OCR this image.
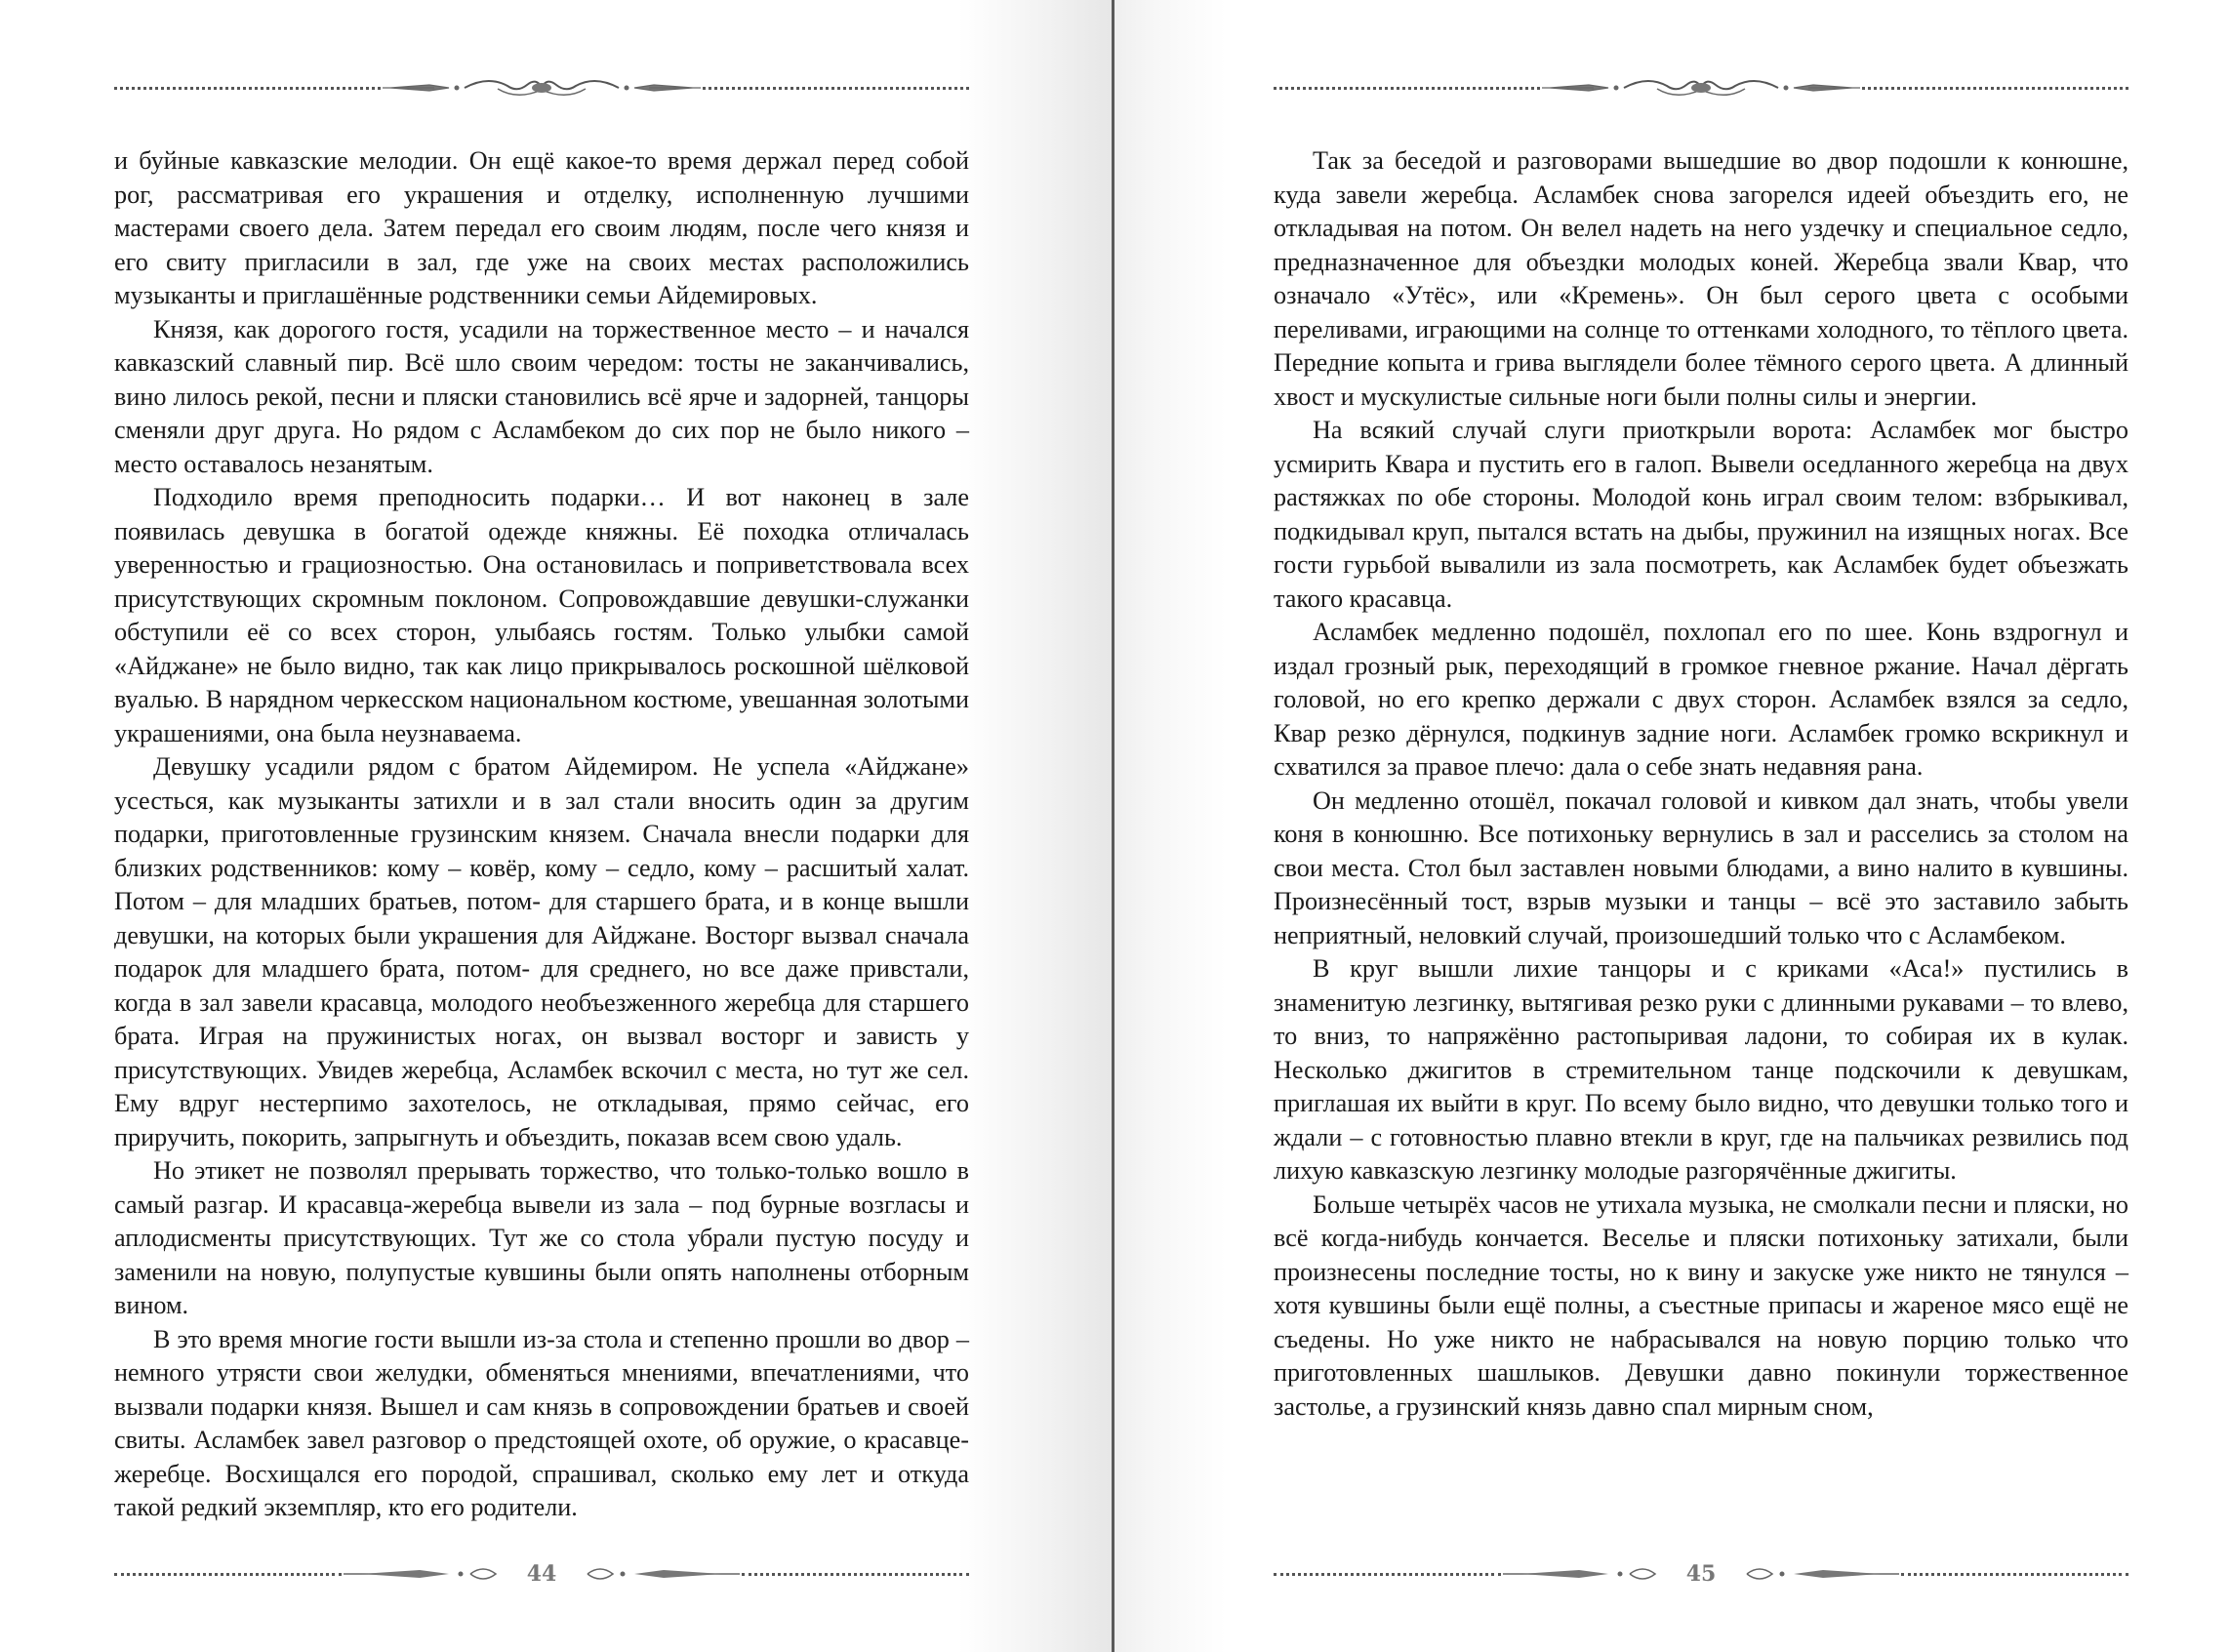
и буйные кавказские мелодии. Он ещё какое-то время держал перед собой рог, рассматривая его украшения и отделку, исполненную лучшими мастерами своего дела. Затем передал его своим людям, после чего князя и его свиту пригласили в зал, где уже на своих местах расположились музыканты и приглашённые родственники семьи Айдемировых.

Князя, как дорогого гостя, усадили на торжественное место – и начался кавказский славный пир. Всё шло своим чередом: тосты не заканчивались, вино лилось рекой, песни и пляски становились всё ярче и задорней, танцоры сменяли друг друга. Но рядом с Асламбеком до сих пор не было никого – место оставалось незанятым.

Подходило время преподносить подарки… И вот наконец в зале появилась девушка в богатой одежде княжны. Её походка отличалась уверенностью и грациозностью. Она остановилась и поприветствовала всех присутствующих скромным поклоном. Сопровождавшие девушки-служанки обступили её со всех сторон, улыбаясь гостям. Только улыбки самой «Айджане» не было видно, так как лицо прикрывалось роскошной шёлковой вуалью. В нарядном черкесском национальном костюме, увешанная золотыми украшениями, она была неузнаваема.

Девушку усадили рядом с братом Айдемиром. Не успела «Айджане» усесться, как музыканты затихли и в зал стали вносить один за другим подарки, приготовленные грузинским князем. Сначала внесли подарки для близких родственников: кому – ковёр, кому – седло, кому – расшитый халат. Потом – для младших братьев, потом- для старшего брата, и в конце вышли девушки, на которых были украшения для Айджане. Восторг вызвал сначала подарок для младшего брата, потом- для среднего, но все даже привстали, когда в зал завели красавца, молодого необъезженного жеребца для старшего брата. Играя на пружинистых ногах, он вызвал восторг и зависть у присутствующих. Увидев жеребца, Асламбек вскочил с места, но тут же сел. Ему вдруг нестерпимо захотелось, не откладывая, прямо сейчас, его приручить, покорить, запрыгнуть и объездить, показав всем свою удаль.

Но этикет не позволял прерывать торжество, что только-только вошло в самый разгар. И красавца-жеребца вывели из зала – под бурные возгласы и аплодисменты присутствующих. Тут же со стола убрали пустую посуду и заменили на новую, полупустые кувшины были опять наполнены отборным вином.

В это время многие гости вышли из-за стола и степенно прошли во двор – немного утрясти свои желудки, обменяться мнениями, впечатлениями, что вызвали подарки князя. Вышел и сам князь в сопровождении братьев и своей свиты. Асламбек завел разговор о предстоящей охоте, об оружие, о красавце-жеребце. Восхищался его породой, спрашивал, сколько ему лет и откуда такой редкий экземпляр, кто его родители.

44

Так за беседой и разговорами вышедшие во двор подошли к конюшне, куда завели жеребца. Асламбек снова загорелся идеей объездить его, не откладывая на потом. Он велел надеть на него уздечку и специальное седло, предназначенное для объездки молодых коней. Жеребца звали Квар, что означало «Утёс», или «Кремень». Он был серого цвета с особыми переливами, играющими на солнце то оттенками холодного, то тёплого цвета. Передние копыта и грива выглядели более тёмного серого цвета. А длинный хвост и мускулистые сильные ноги были полны силы и энергии.

На всякий случай слуги приоткрыли ворота: Асламбек мог быстро усмирить Квара и пустить его в галоп. Вывели оседланного жеребца на двух растяжках по обе стороны. Молодой конь играл своим телом: взбрыкивал, подкидывал круп, пытался встать на дыбы, пружинил на изящных ногах. Все гости гурьбой вывалили из зала посмотреть, как Асламбек будет объезжать такого красавца.

Асламбек медленно подошёл, похлопал его по шее. Конь вздрогнул и издал грозный рык, переходящий в громкое гневное ржание. Начал дёргать головой, но его крепко держали с двух сторон. Асламбек взялся за седло, Квар резко дёрнулся, подкинув задние ноги. Асламбек громко вскрикнул и схватился за правое плечо: дала о себе знать недавняя рана.

Он медленно отошёл, покачал головой и кивком дал знать, чтобы увели коня в конюшню. Все потихоньку вернулись в зал и расселись за столом на свои места. Стол был заставлен новыми блюдами, а вино налито в кувшины. Произнесённый тост, взрыв музыки и танцы – всё это заставило забыть неприятный, неловкий случай, произошедший только что с Асламбеком.

В круг вышли лихие танцоры и с криками «Аса!» пустились в знаменитую лезгинку, вытягивая резко руки с длинными рукавами – то влево, то вниз, то напряжённо растопыривая ладони, то собирая их в кулак. Несколько джигитов в стремительном танце подскочили к девушкам, приглашая их выйти в круг. По всему было видно, что девушки только того и ждали – с готовностью плавно втекли в круг, где на пальчиках резвились под лихую кавказскую лезгинку молодые разгорячённые джигиты.

Больше четырёх часов не утихала музыка, не смолкали песни и пляски, но всё когда-нибудь кончается. Веселье и пляски потихоньку затихали, были произнесены последние тосты, но к вину и закуске уже никто не тянулся – хотя кувшины были ещё полны, а съестные припасы и жареное мясо ещё не съедены. Но уже никто не набрасывался на новую порцию только что приготовленных шашлыков. Девушки давно покинули торжественное застолье, а грузинский князь давно спал мирным сном,

45
